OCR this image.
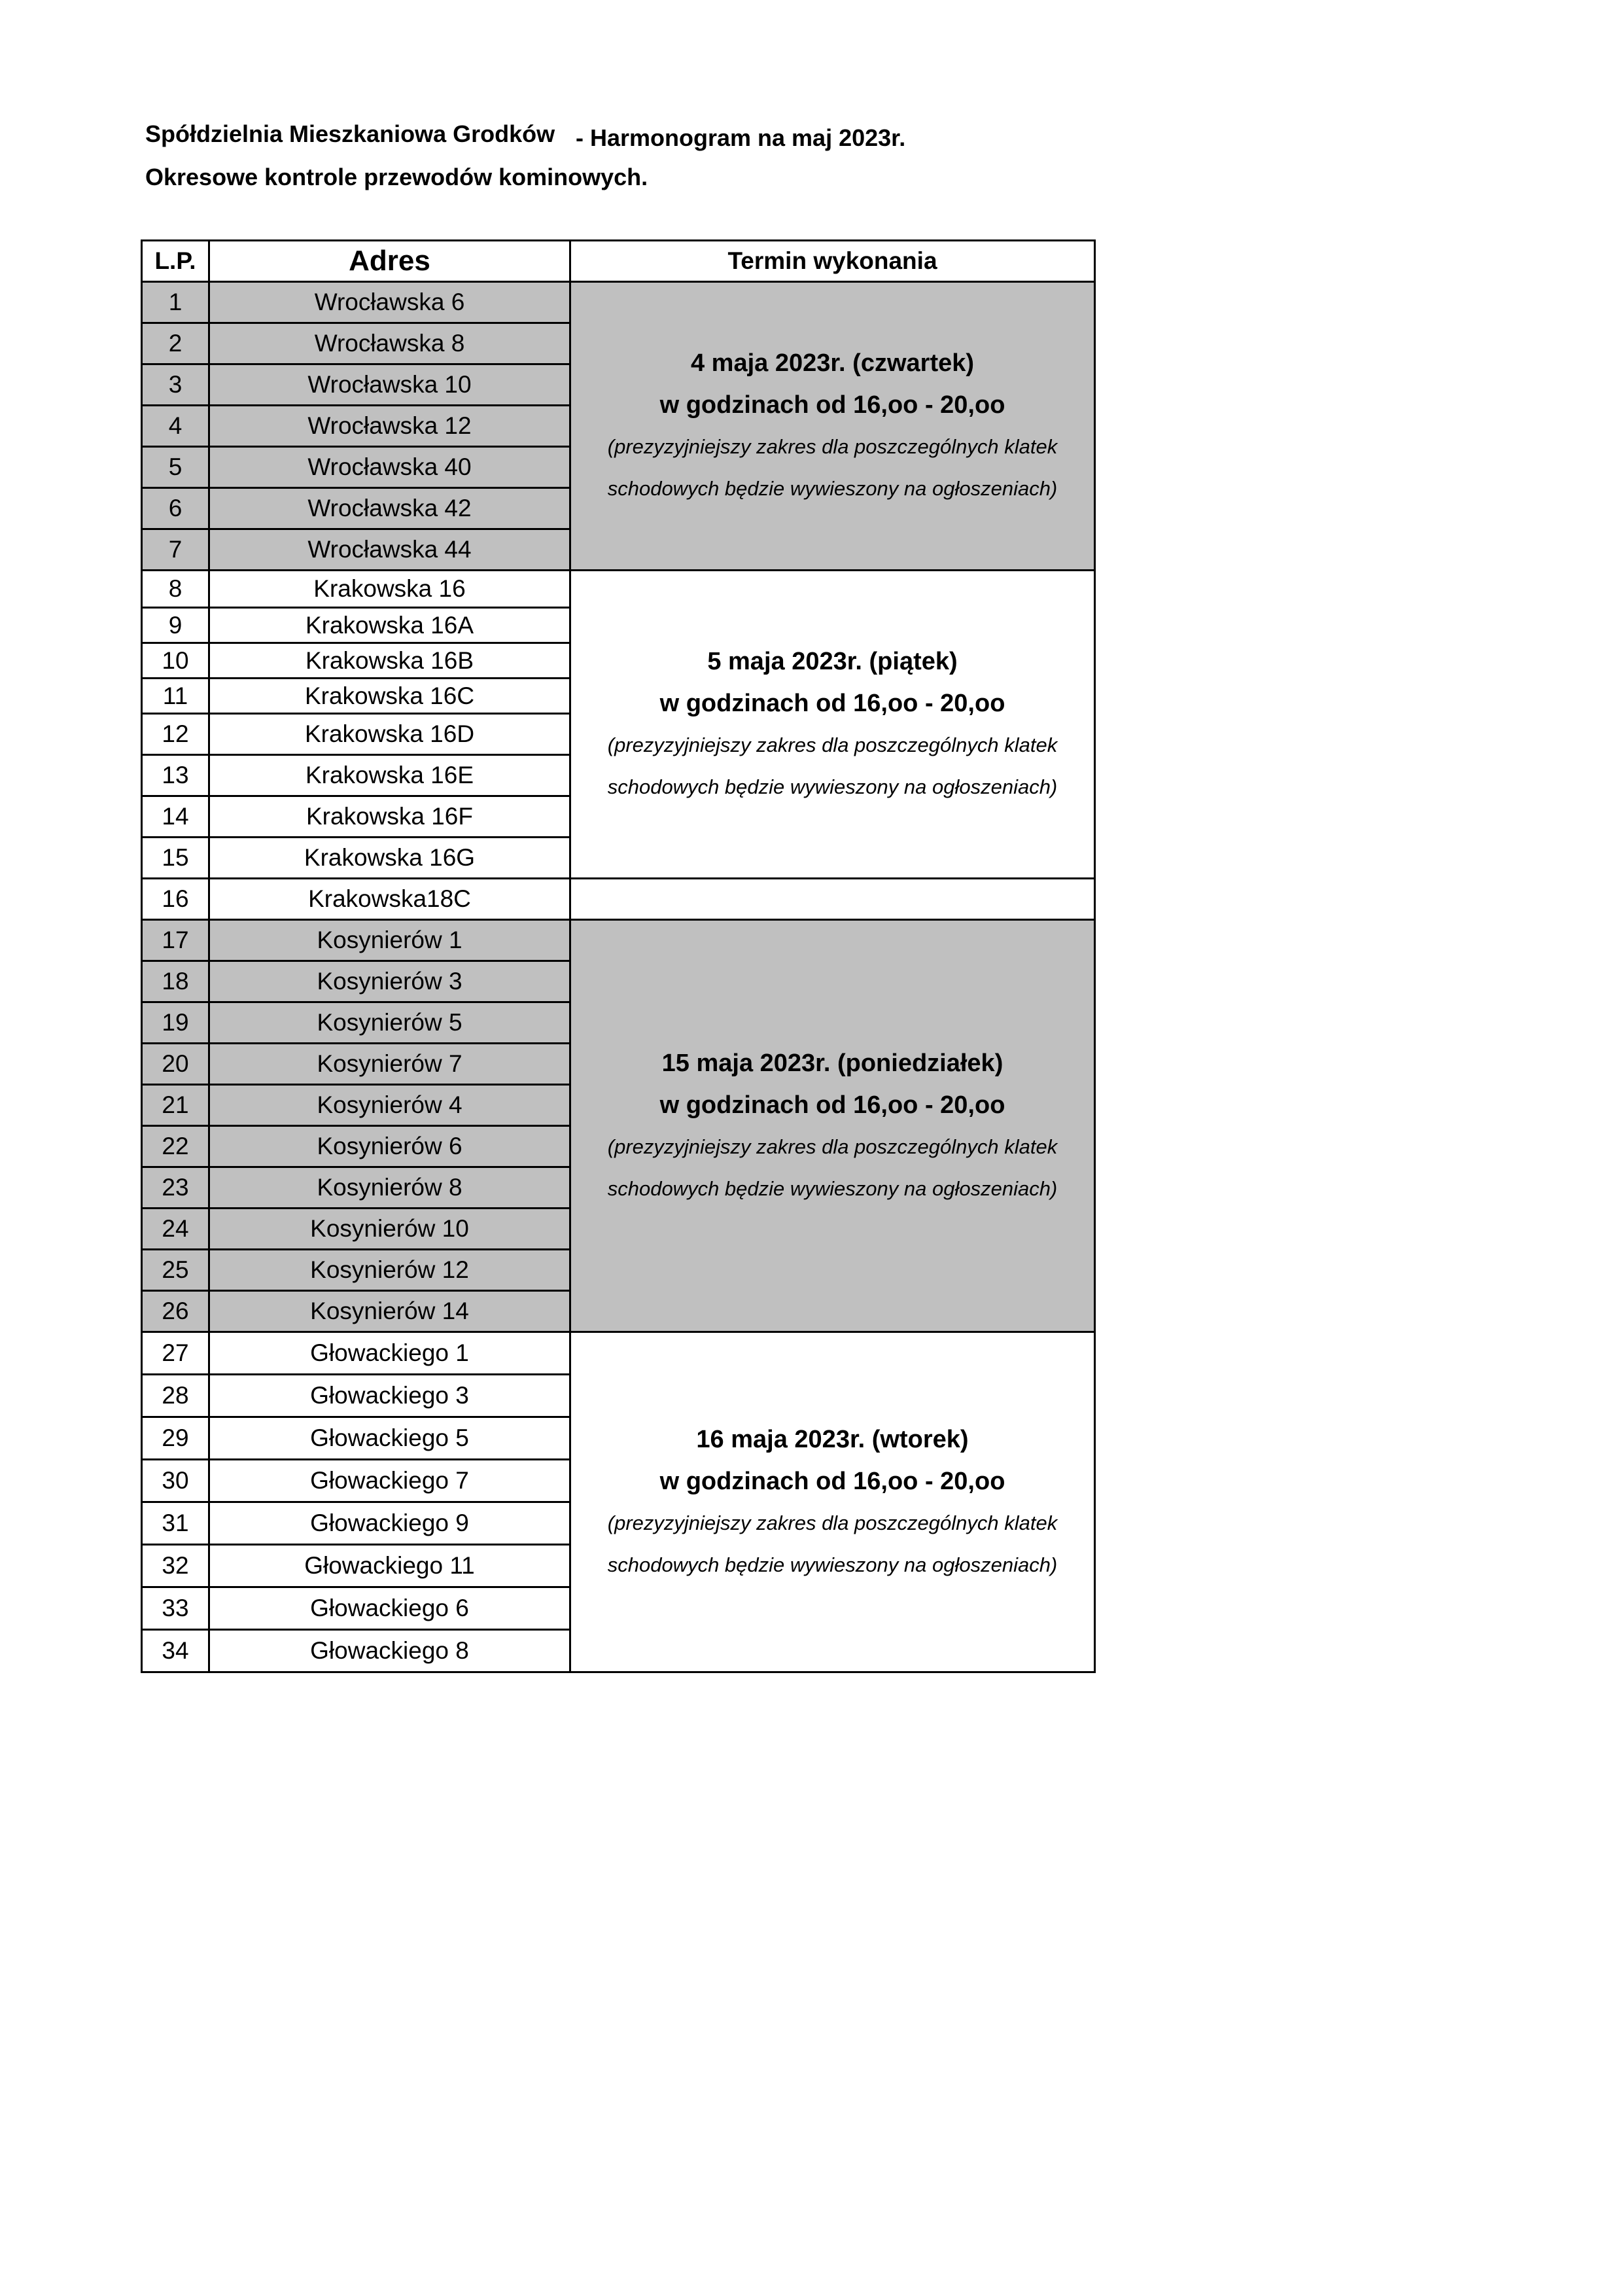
Spółdzielnia Mieszkaniowa Grodków - Harmonogram na maj 2023r.
Okresowe kontrole przewodów kominowych.
L.P.	Adres	Termin wykonania
1	Wrocławska 6	4 maja 2023r. (czwartek)
w godzinach od 16,oo - 20,oo
(prezyzyjniejszy zakres dla poszczególnych klatek
schodowych będzie wywieszony na ogłoszeniach)

2	Wrocławska 8	
3	Wrocławska 10	
4	Wrocławska 12	
5	Wrocławska 40	
6	Wrocławska 42	
7	Wrocławska 44	
8	Krakowska 16	5 maja 2023r. (piątek)
w godzinach od 16,oo - 20,oo
(prezyzyjniejszy zakres dla poszczególnych klatek
schodowych będzie wywieszony na ogłoszeniach)

9	Krakowska 16A	
10	Krakowska 16B	
11	Krakowska 16C	
12	Krakowska 16D	
13	Krakowska 16E	
14	Krakowska 16F	
15	Krakowska 16G	
16	Krakowska18C	
17	Kosynierów 1	15 maja 2023r. (poniedziałek)
w godzinach od 16,oo - 20,oo
(prezyzyjniejszy zakres dla poszczególnych klatek
schodowych będzie wywieszony na ogłoszeniach)

18	Kosynierów 3	
19	Kosynierów 5	
20	Kosynierów 7	
21	Kosynierów 4	
22	Kosynierów 6	
23	Kosynierów 8	
24	Kosynierów 10	
25	Kosynierów 12	
26	Kosynierów 14	
27	Głowackiego 1	16 maja 2023r. (wtorek)
w godzinach od 16,oo - 20,oo
(prezyzyjniejszy zakres dla poszczególnych klatek
schodowych będzie wywieszony na ogłoszeniach)

28	Głowackiego 3	
29	Głowackiego 5	
30	Głowackiego 7	
31	Głowackiego 9	
32	Głowackiego 11	
33	Głowackiego 6	
34	Głowackiego 8	
